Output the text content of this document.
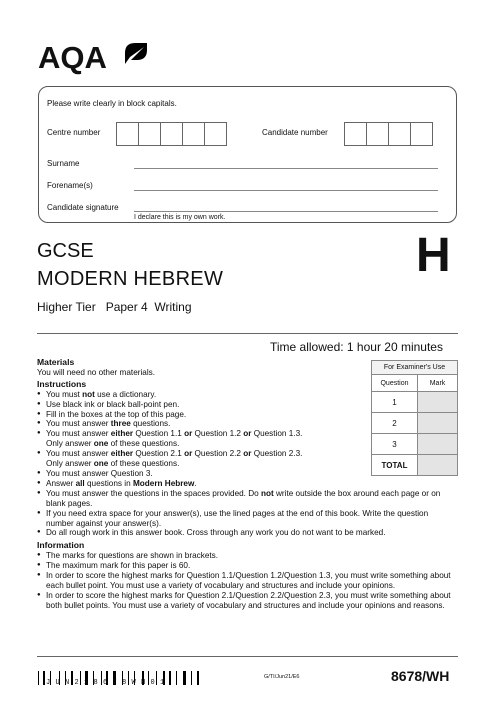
AQA
Please write clearly in block capitals.
Centre number	Candidate number
Surname
Forename(s)
Candidate signature
I declare this is my own work.
GCSE
MODERN HEBREW
Higher Tier   Paper 4  Writing
H
Time allowed: 1 hour 20 minutes
For Examiner's Use	
Question	Mark
1	
2	
3	
TOTAL	
Materials

You will need no other materials.

Instructions
● You must not use a dictionary.
● Use black ink or black ball-point pen.
● Fill in the boxes at the top of this page.
● You must answer three questions.
● You must answer either Question 1.1 or Question 1.2 or Question 1.3.
Only answer one of these questions.
● You must answer either Question 2.1 or Question 2.2 or Question 2.3.
Only answer one of these questions.
● You must answer Question 3.
● Answer all questions in Modern Hebrew.
● You must answer the questions in the spaces provided. Do not write outside the box around each page or on blank pages.
● If you need extra space for your answer(s), use the lined pages at the end of this book. Write the question number against your answer(s).
● Do all rough work in this answer book. Cross through any work you do not want to be marked.
Information
● The marks for questions are shown in brackets.
● The maximum mark for this paper is 60.
● In order to score the highest marks for Question 1.1/Question 1.2/Question 1.3, you must write something about each bullet point. You must use a variety of vocabulary and structures and include your opinions.
● In order to score the highest marks for Question 2.1/Question 2.2/Question 2.3, you must write something about both bullet points. You must use a variety of vocabulary and structures and include your opinions and reasons.
JUN218678WH01
G/TI/Jun21/E6	8678/WH
